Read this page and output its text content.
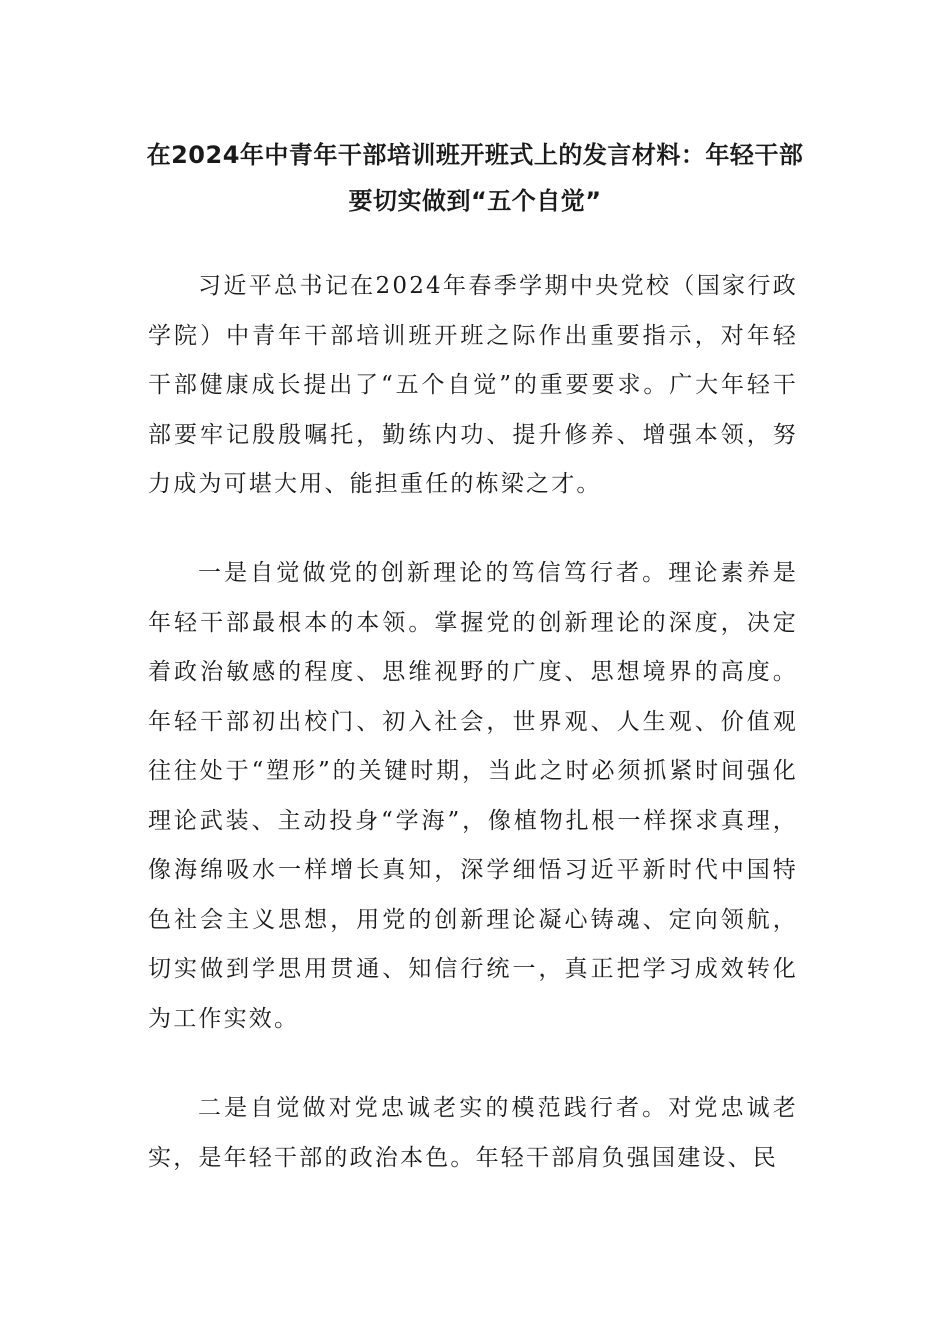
在2024年中青年干部培训班开班式上的发言材料：年轻干部要切实做到“五个自觉”

习近平总书记在2024年春季学期中央党校（国家行政学院）中青年干部培训班开班之际作出重要指示，对年轻干部健康成长提出了“五个自觉”的重要要求。广大年轻干部要牢记殷殷嘱托，勤练内功、提升修养、增强本领，努力成为可堪大用、能担重任的栋梁之才。

一是自觉做党的创新理论的笃信笃行者。理论素养是年轻干部最根本的本领。掌握党的创新理论的深度，决定着政治敏感的程度、思维视野的广度、思想境界的高度。年轻干部初出校门、初入社会，世界观、人生观、价值观往往处于“塑形”的关键时期，当此之时必须抓紧时间强化理论武装、主动投身“学海”，像植物扎根一样探求真理，像海绵吸水一样增长真知，深学细悟习近平新时代中国特色社会主义思想，用党的创新理论凝心铸魂、定向领航，切实做到学思用贯通、知信行统一，真正把学习成效转化为工作实效。

二是自觉做对党忠诚老实的模范践行者。对党忠诚老实，是年轻干部的政治本色。年轻干部肩负强国建设、民
